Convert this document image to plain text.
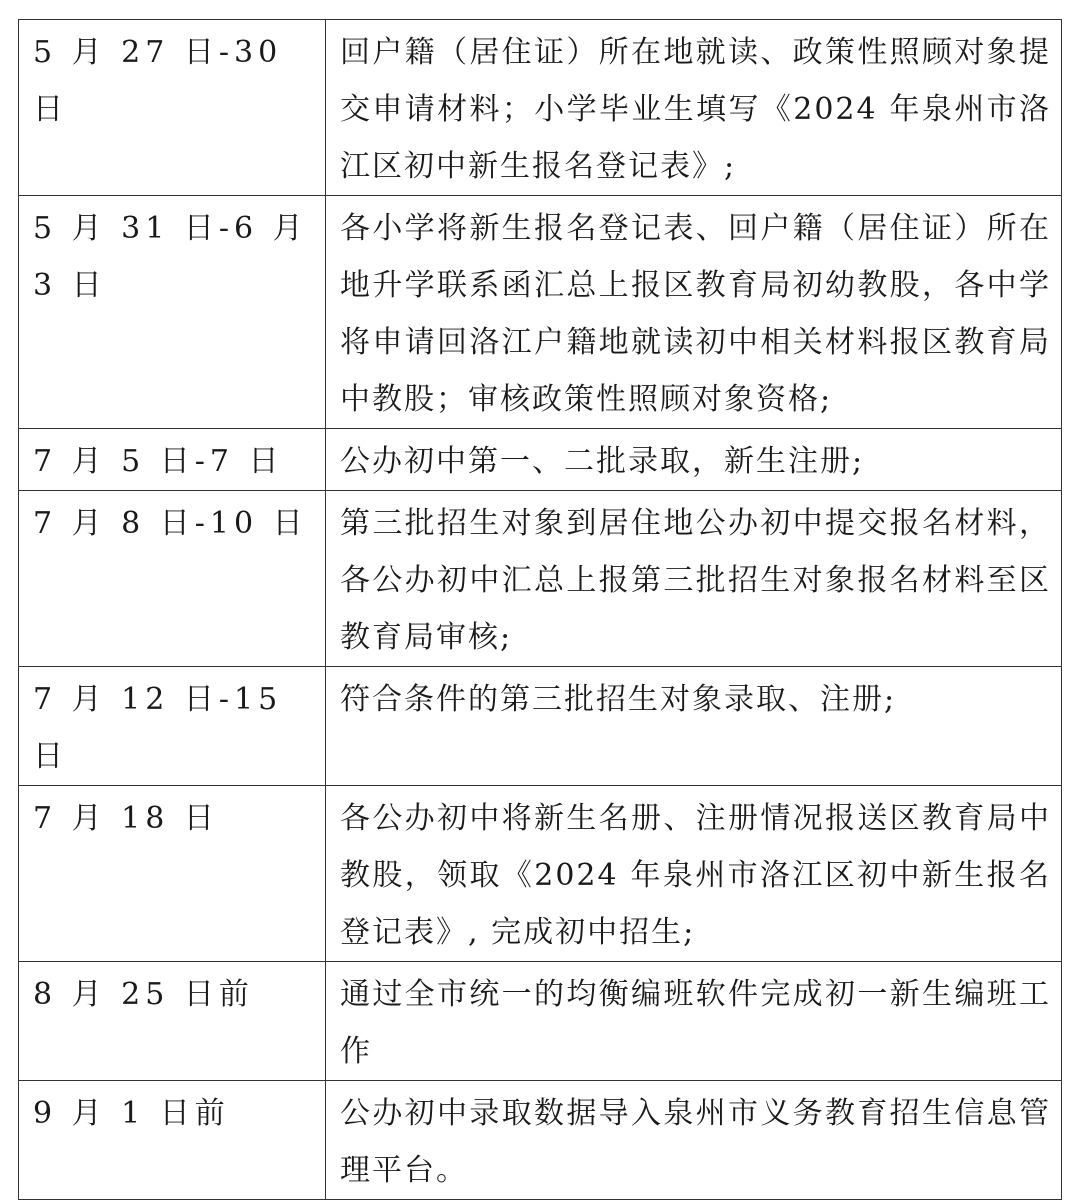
5 月 27 日-30 日	回户籍（居住证）所在地就读、政策性照顾对象提交申请材料；小学毕业生填写《2024 年泉州市洛江区初中新生报名登记表》;
5 月 31 日-6 月 3 日	各小学将新生报名登记表、回户籍（居住证）所在地升学联系函汇总上报区教育局初幼教股，各中学将申请回洛江户籍地就读初中相关材料报区教育局中教股；审核政策性照顾对象资格;
7 月 5 日-7 日	公办初中第一、二批录取，新生注册;
7 月 8 日-10 日	第三批招生对象到居住地公办初中提交报名材料，各公办初中汇总上报第三批招生对象报名材料至区教育局审核;
7 月 12 日-15 日	符合条件的第三批招生对象录取、注册;
7 月 18 日	各公办初中将新生名册、注册情况报送区教育局中教股，领取《2024 年泉州市洛江区初中新生报名登记表》, 完成初中招生;
8 月 25 日前	通过全市统一的均衡编班软件完成初一新生编班工作
9 月 1 日前	公办初中录取数据导入泉州市义务教育招生信息管理平台。
